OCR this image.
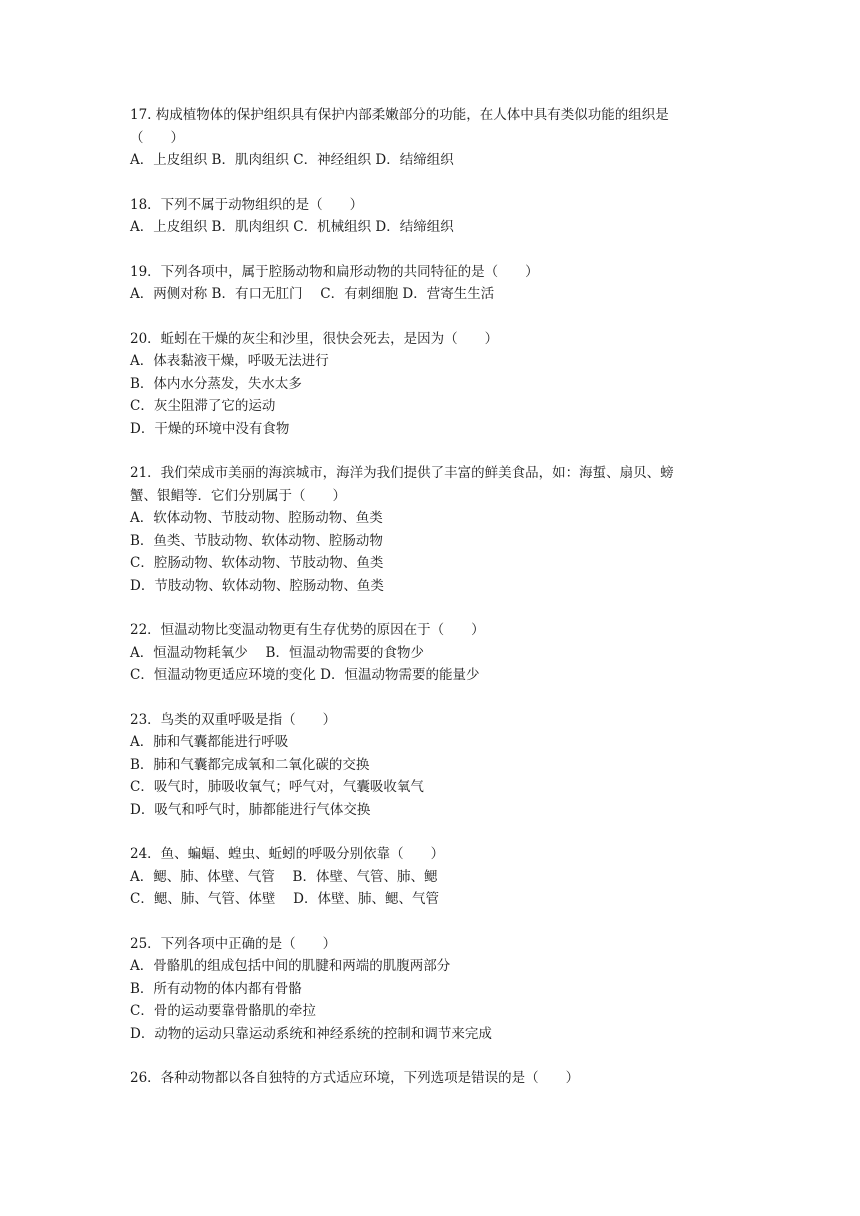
17. 构成植物体的保护组织具有保护内部柔嫩部分的功能，在人体中具有类似功能的组织是
（　　）
A．上皮组织 B．肌肉组织 C．神经组织 D．结缔组织
18．下列不属于动物组织的是（　　）
A．上皮组织 B．肌肉组织 C．机械组织 D．结缔组织
19．下列各项中，属于腔肠动物和扁形动物的共同特征的是（　　）
A．两侧对称 B．有口无肛门　 C．有刺细胞 D．营寄生生活
20．蚯蚓在干燥的灰尘和沙里，很快会死去，是因为（　　）
A．体表黏液干燥，呼吸无法进行
B．体内水分蒸发，失水太多
C．灰尘阻滞了它的运动
D．干燥的环境中没有食物
21．我们荣成市美丽的海滨城市，海洋为我们提供了丰富的鲜美食品，如：海蜇、扇贝、螃
蟹、银鲳等．它们分别属于（　　）
A．软体动物、节肢动物、腔肠动物、鱼类
B．鱼类、节肢动物、软体动物、腔肠动物
C．腔肠动物、软体动物、节肢动物、鱼类
D．节肢动物、软体动物、腔肠动物、鱼类
22．恒温动物比变温动物更有生存优势的原因在于（　　）
A．恒温动物耗氧少　 B．恒温动物需要的食物少
C．恒温动物更适应环境的变化 D．恒温动物需要的能量少
23．鸟类的双重呼吸是指（　　）
A．肺和气囊都能进行呼吸
B．肺和气囊都完成氧和二氧化碳的交换
C．吸气时，肺吸收氧气；呼气对，气囊吸收氧气
D．吸气和呼气时，肺都能进行气体交换
24．鱼、蝙蝠、蝗虫、蚯蚓的呼吸分别依靠（　　）
A．鳃、肺、体壁、气管　 B．体壁、气管、肺、鳃
C．鳃、肺、气管、体壁　 D．体壁、肺、鳃、气管
25．下列各项中正确的是（　　）
A．骨骼肌的组成包括中间的肌腱和两端的肌腹两部分
B．所有动物的体内都有骨骼
C．骨的运动要靠骨骼肌的牵拉
D．动物的运动只靠运动系统和神经系统的控制和调节来完成
26．各种动物都以各自独特的方式适应环境，下列选项是错误的是（　　）
